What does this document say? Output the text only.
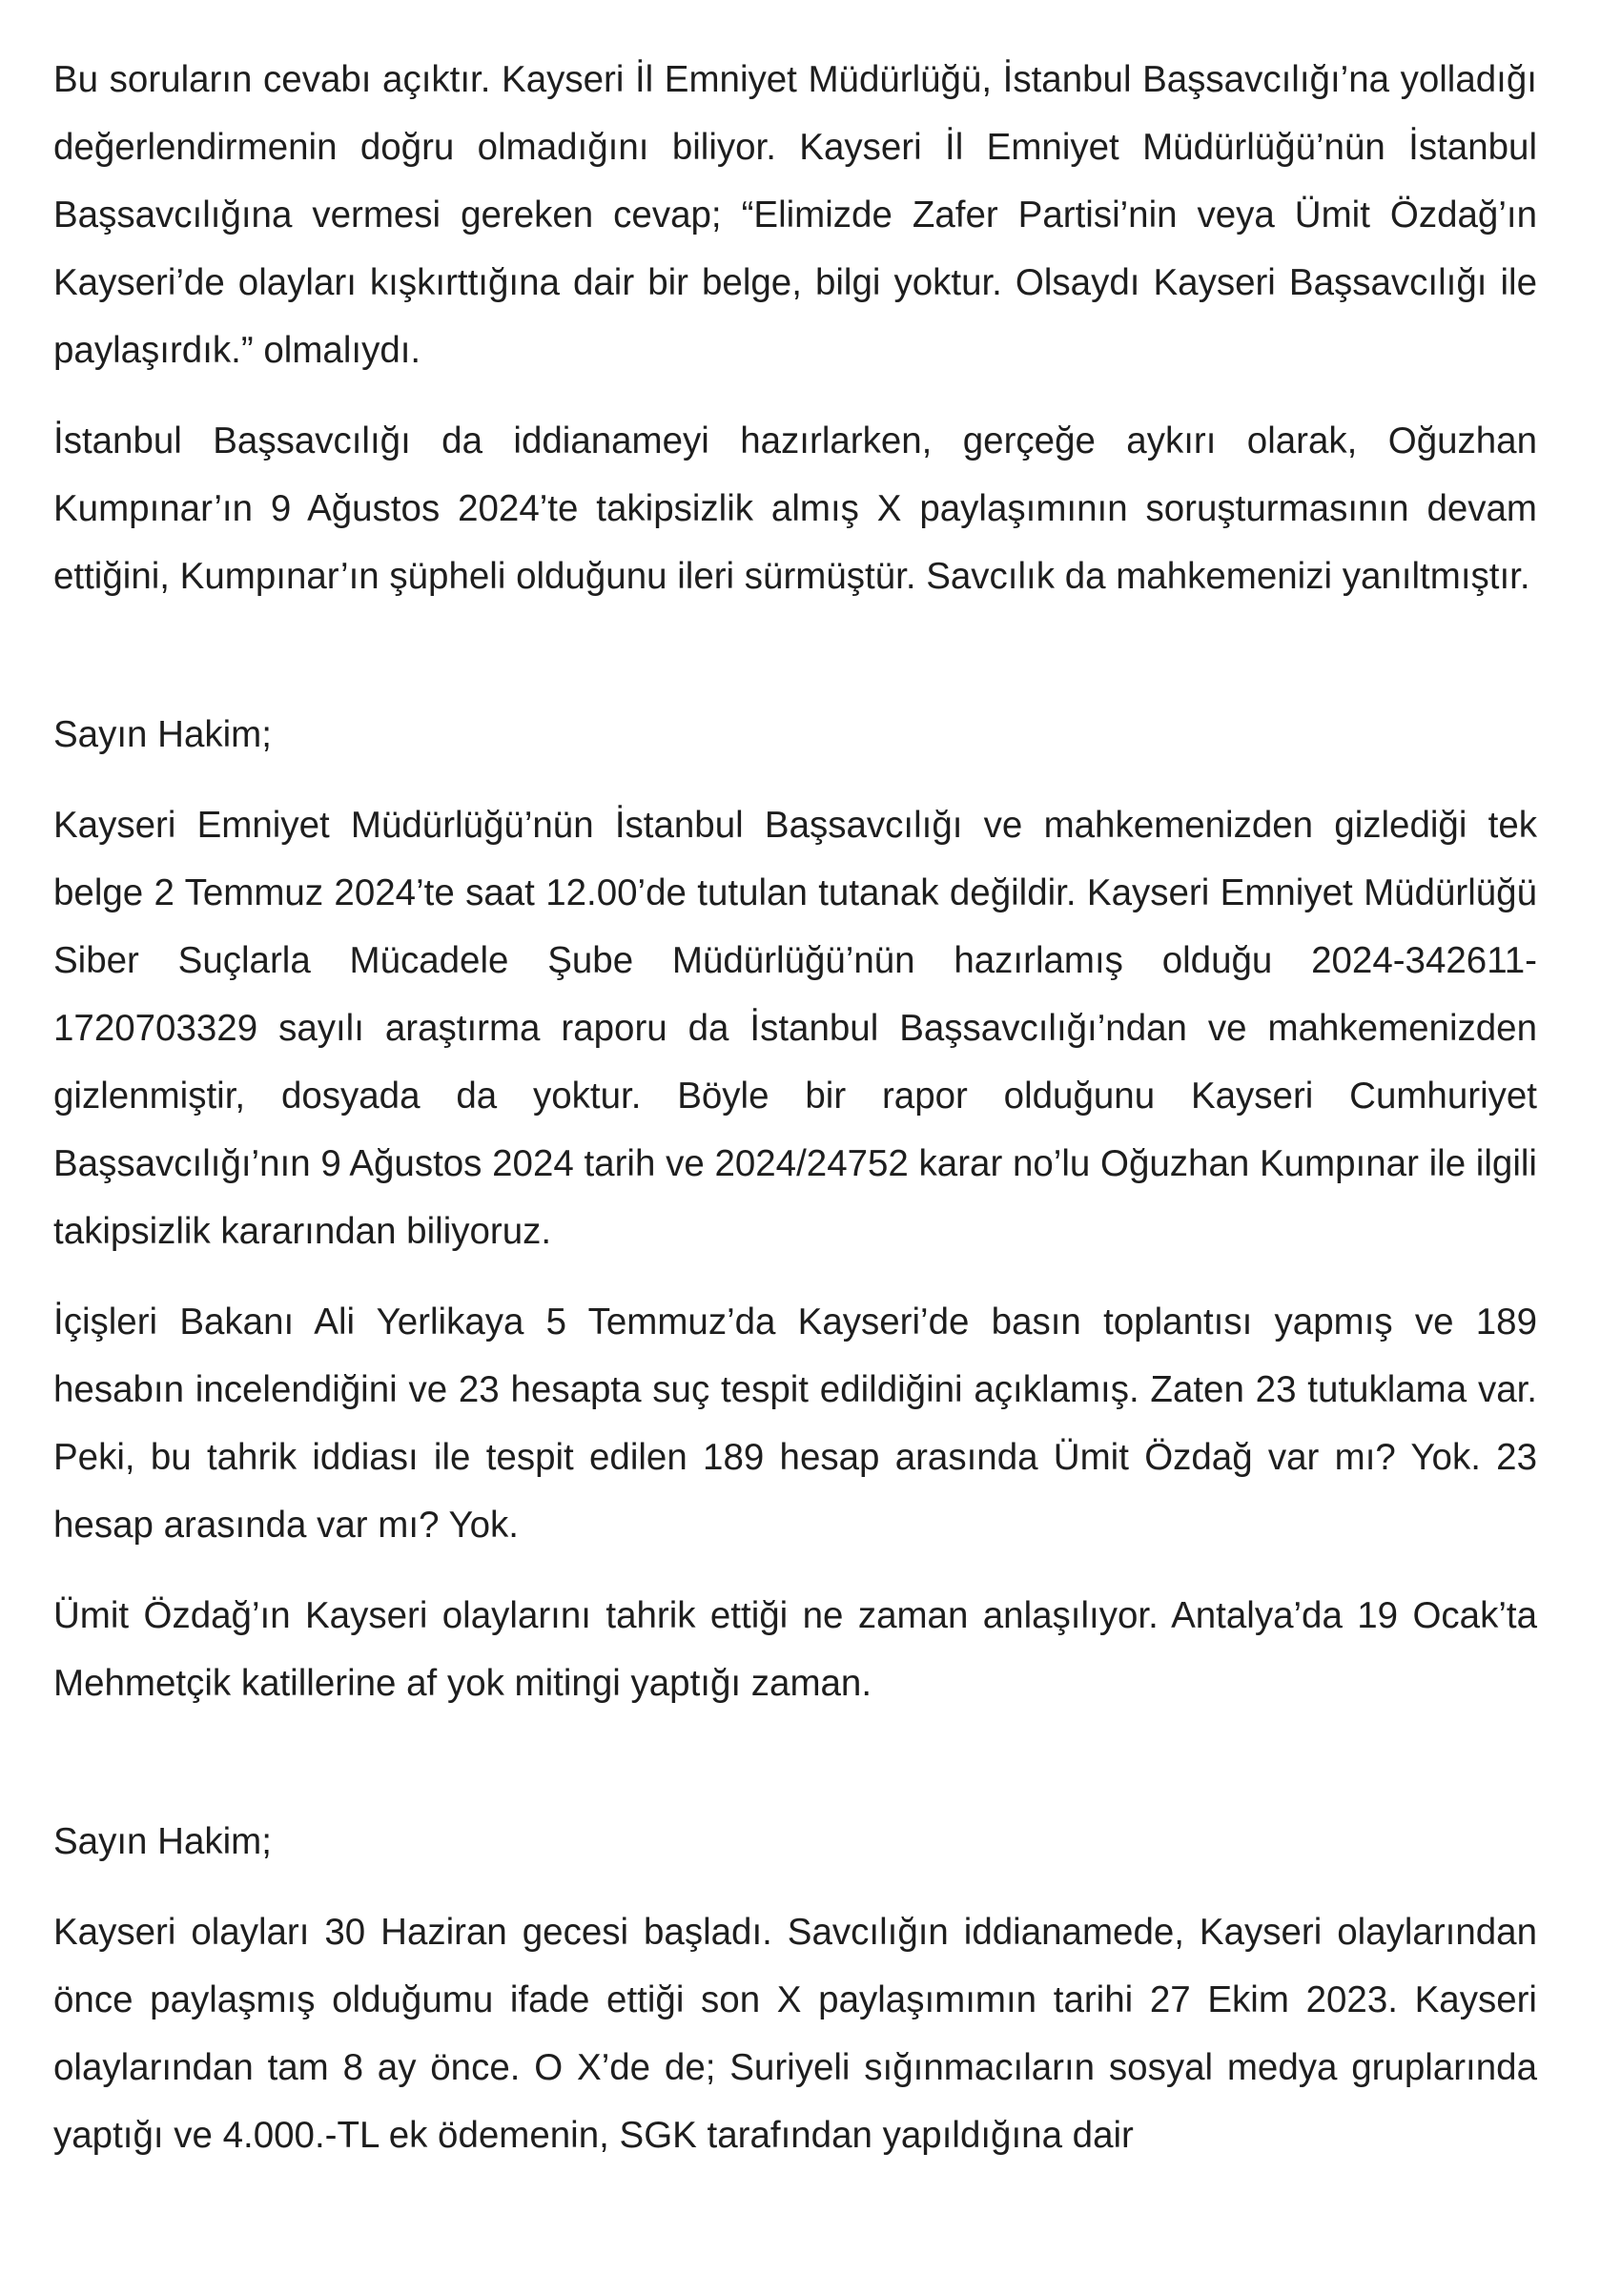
Bu soruların cevabı açıktır. Kayseri İl Emniyet Müdürlüğü, İstanbul Başsavcılığı’na yolladığı değerlendirmenin doğru olmadığını biliyor. Kayseri İl Emniyet Müdürlüğü’nün İstanbul Başsavcılığına vermesi gereken cevap; “Elimizde Zafer Partisi’nin veya Ümit Özdağ’ın Kayseri’de olayları kışkırttığına dair bir belge, bilgi yoktur. Olsaydı Kayseri Başsavcılığı ile paylaşırdık.” olmalıydı.

İstanbul Başsavcılığı da iddianameyi hazırlarken, gerçeğe aykırı olarak, Oğuzhan Kumpınar’ın 9 Ağustos 2024’te takipsizlik almış X paylaşımının soruşturmasının devam ettiğini, Kumpınar’ın şüpheli olduğunu ileri sürmüştür. Savcılık da mahkemenizi yanıltmıştır.

Sayın Hakim;

Kayseri Emniyet Müdürlüğü’nün İstanbul Başsavcılığı ve mahkemenizden gizlediği tek belge 2 Temmuz 2024’te saat 12.00’de tutulan tutanak değildir. Kayseri Emniyet Müdürlüğü Siber Suçlarla Mücadele Şube Müdürlüğü’nün hazırlamış olduğu 2024-342611-1720703329 sayılı araştırma raporu da İstanbul Başsavcılığı’ndan ve mahkemenizden gizlenmiştir, dosyada da yoktur. Böyle bir rapor olduğunu Kayseri Cumhuriyet Başsavcılığı’nın 9 Ağustos 2024 tarih ve 2024/24752 karar no’lu Oğuzhan Kumpınar ile ilgili takipsizlik kararından biliyoruz.

İçişleri Bakanı Ali Yerlikaya 5 Temmuz’da Kayseri’de basın toplantısı yapmış ve 189 hesabın incelendiğini ve 23 hesapta suç tespit edildiğini açıklamış. Zaten 23 tutuklama var. Peki, bu tahrik iddiası ile tespit edilen 189 hesap arasında Ümit Özdağ var mı? Yok. 23 hesap arasında var mı? Yok.

Ümit Özdağ’ın Kayseri olaylarını tahrik ettiği ne zaman anlaşılıyor. Antalya’da 19 Ocak’ta Mehmetçik katillerine af yok mitingi yaptığı zaman.

Sayın Hakim;

Kayseri olayları 30 Haziran gecesi başladı. Savcılığın iddianamede, Kayseri olaylarından önce paylaşmış olduğumu ifade ettiği son X paylaşımımın tarihi 27 Ekim 2023. Kayseri olaylarından tam 8 ay önce. O X’de de; Suriyeli sığınmacıların sosyal medya gruplarında yaptığı ve 4.000.-TL ek ödemenin, SGK tarafından yapıldığına dair
